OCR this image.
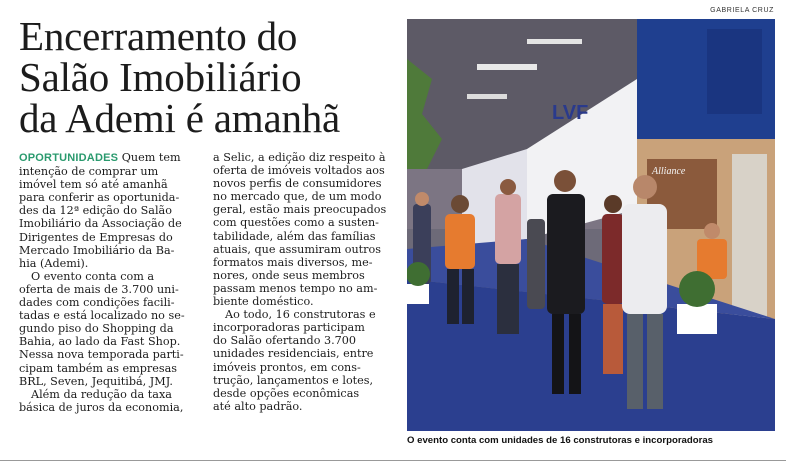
GABRIELA CRUZ
Encerramento do
Salão Imobiliário
da Ademi é amanhã

OPORTUNIDADES Quem tem
intenção de comprar um
imóvel tem só até amanhã
para conferir as oportunida-
des da 12ª edição do Salão
Imobiliário da Associação de
Dirigentes de Empresas do
Mercado Imobiliário da Ba-
hia (Ademi).

O evento conta com a
oferta de mais de 3.700 uni-
dades com condições facili-
tadas e está localizado no se-
gundo piso do Shopping da
Bahia, ao lado da Fast Shop.
Nessa nova temporada parti-
cipam também as empresas
BRL, Seven, Jequitibá, JMJ.

Além da redução da taxa
básica de juros da economia,

a Selic, a edição diz respeito à
oferta de imóveis voltados aos
novos perfis de consumidores
no mercado que, de um modo
geral, estão mais preocupados
com questões como a susten-
tabilidade, além das famílias
atuais, que assumiram outros
formatos mais diversos, me-
nores, onde seus membros
passam menos tempo no am-
biente doméstico.

Ao todo, 16 construtoras e
incorporadoras participam
do Salão ofertando 3.700
unidades residenciais, entre
imóveis prontos, em cons-
trução, lançamentos e lotes,
desde opções econômicas
até alto padrão.

LVF
Alliance
O evento conta com unidades de 16 construtoras e incorporadoras
